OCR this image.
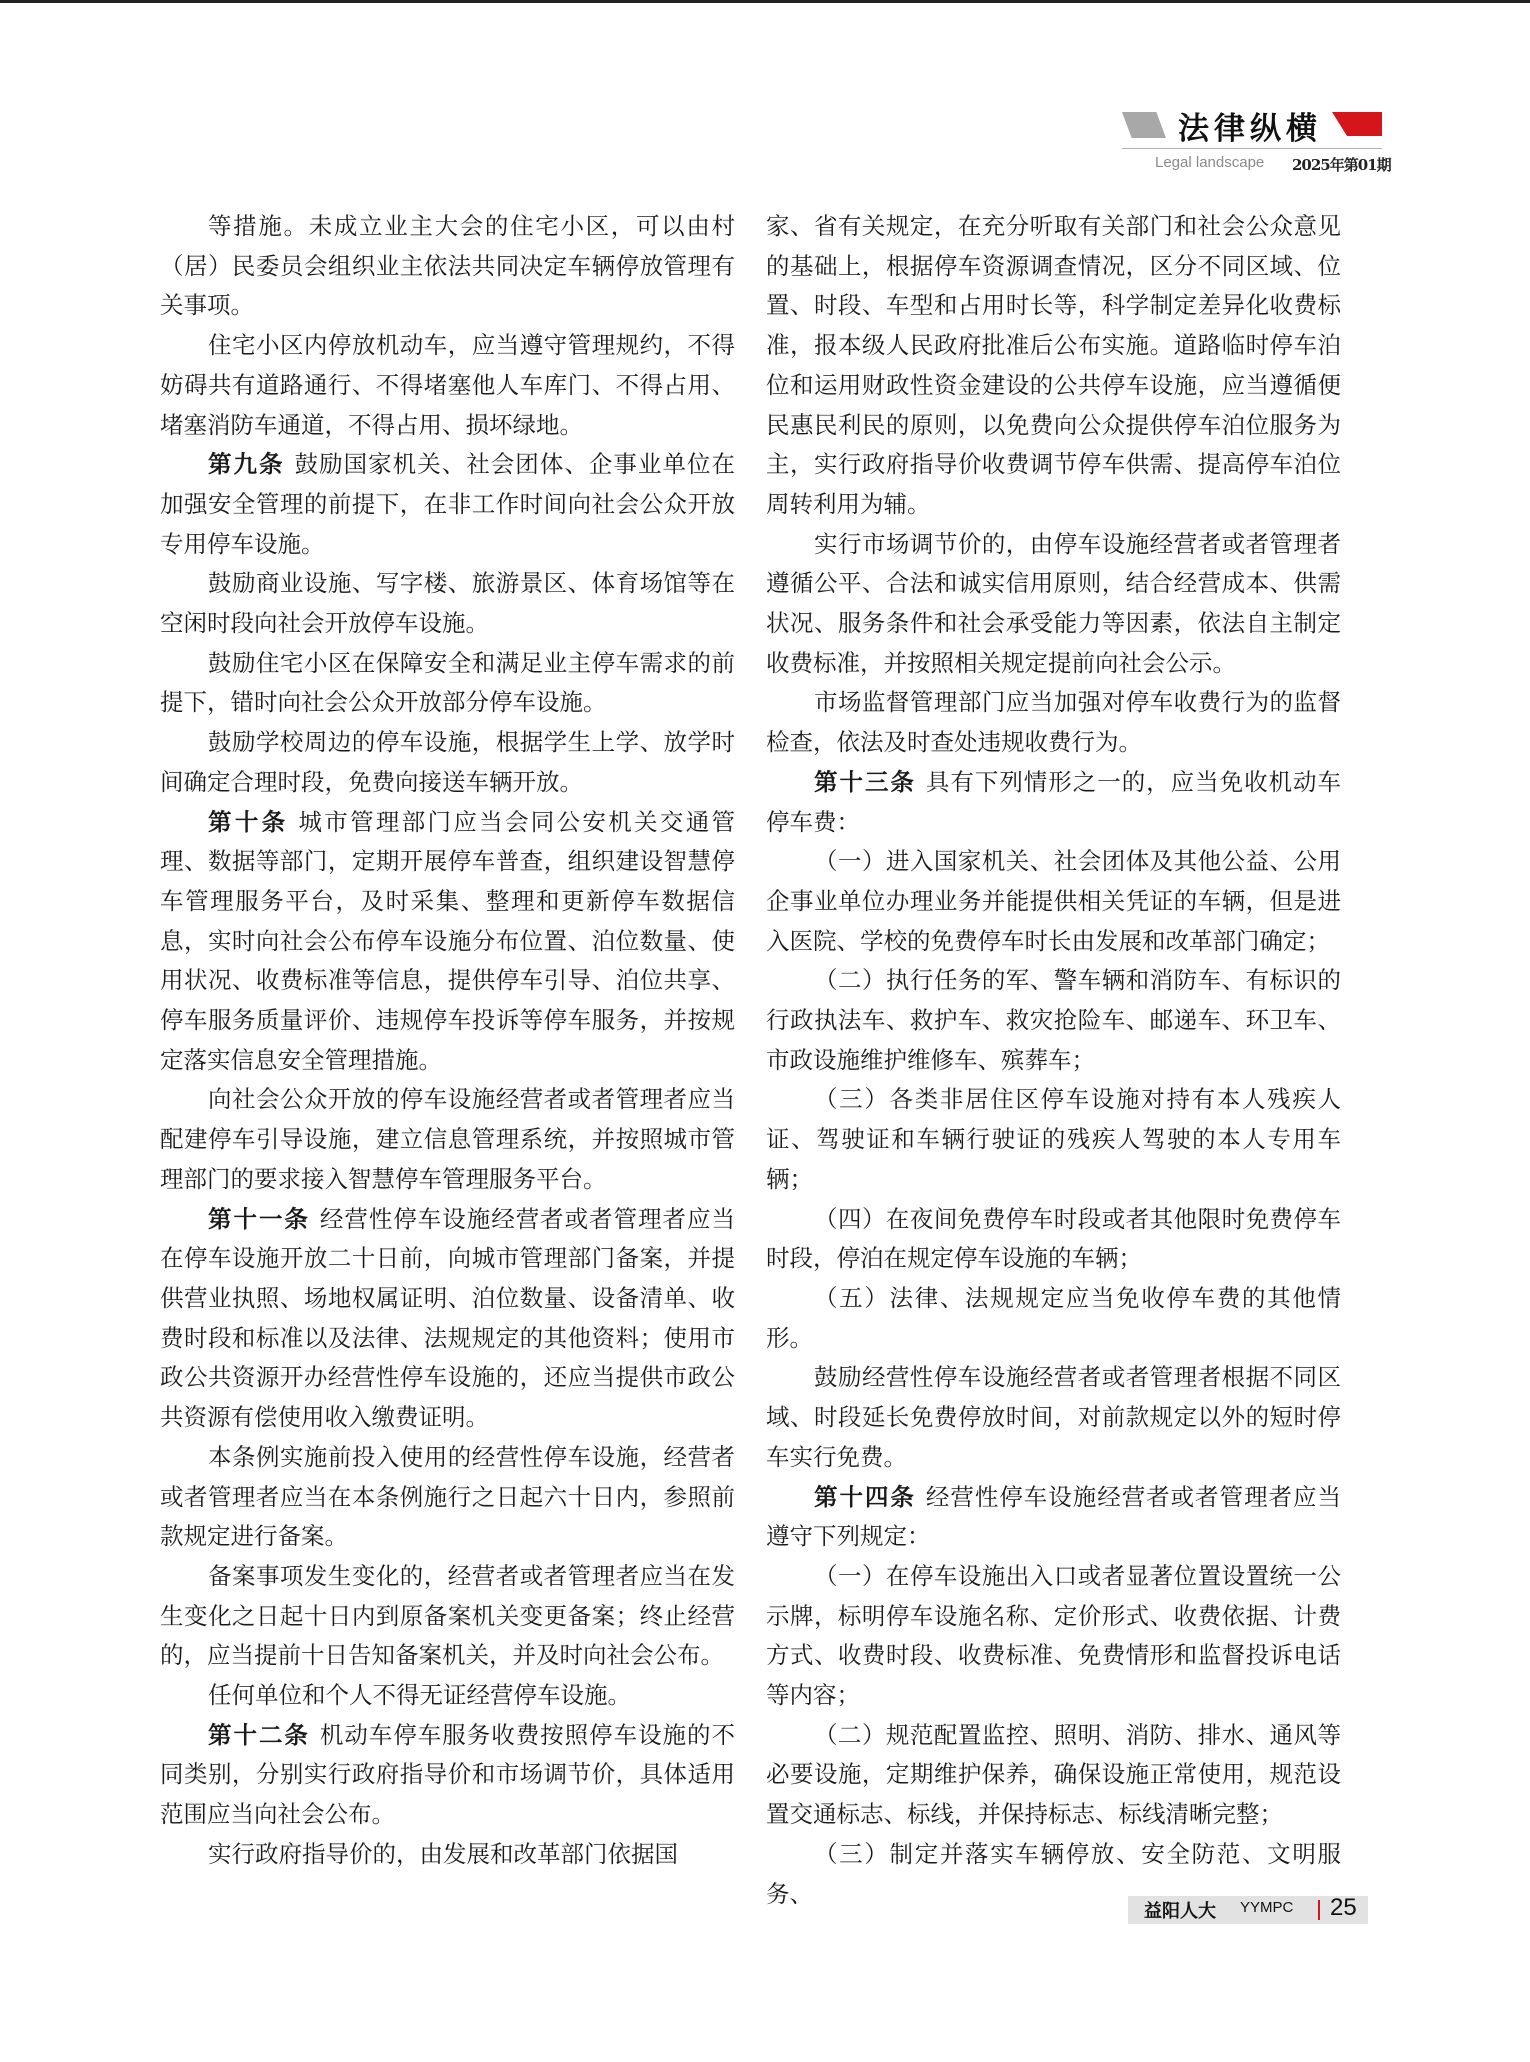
法律纵横
Legal landscape 2025年第01期

等措施。未成立业主大会的住宅小区，可以由村（居）民委员会组织业主依法共同决定车辆停放管理有关事项。

住宅小区内停放机动车，应当遵守管理规约，不得妨碍共有道路通行、不得堵塞他人车库门、不得占用、堵塞消防车通道，不得占用、损坏绿地。

第九条 鼓励国家机关、社会团体、企事业单位在加强安全管理的前提下，在非工作时间向社会公众开放专用停车设施。

鼓励商业设施、写字楼、旅游景区、体育场馆等在空闲时段向社会开放停车设施。

鼓励住宅小区在保障安全和满足业主停车需求的前提下，错时向社会公众开放部分停车设施。

鼓励学校周边的停车设施，根据学生上学、放学时间确定合理时段，免费向接送车辆开放。

第十条 城市管理部门应当会同公安机关交通管理、数据等部门，定期开展停车普查，组织建设智慧停车管理服务平台，及时采集、整理和更新停车数据信息，实时向社会公布停车设施分布位置、泊位数量、使用状况、收费标准等信息，提供停车引导、泊位共享、停车服务质量评价、违规停车投诉等停车服务，并按规定落实信息安全管理措施。

向社会公众开放的停车设施经营者或者管理者应当配建停车引导设施，建立信息管理系统，并按照城市管理部门的要求接入智慧停车管理服务平台。

第十一条 经营性停车设施经营者或者管理者应当在停车设施开放二十日前，向城市管理部门备案，并提供营业执照、场地权属证明、泊位数量、设备清单、收费时段和标准以及法律、法规规定的其他资料；使用市政公共资源开办经营性停车设施的，还应当提供市政公共资源有偿使用收入缴费证明。

本条例实施前投入使用的经营性停车设施，经营者或者管理者应当在本条例施行之日起六十日内，参照前款规定进行备案。

备案事项发生变化的，经营者或者管理者应当在发生变化之日起十日内到原备案机关变更备案；终止经营的，应当提前十日告知备案机关，并及时向社会公布。

任何单位和个人不得无证经营停车设施。

第十二条 机动车停车服务收费按照停车设施的不同类别，分别实行政府指导价和市场调节价，具体适用范围应当向社会公布。

实行政府指导价的，由发展和改革部门依据国

家、省有关规定，在充分听取有关部门和社会公众意见的基础上，根据停车资源调查情况，区分不同区域、位置、时段、车型和占用时长等，科学制定差异化收费标准，报本级人民政府批准后公布实施。道路临时停车泊位和运用财政性资金建设的公共停车设施，应当遵循便民惠民利民的原则，以免费向公众提供停车泊位服务为主，实行政府指导价收费调节停车供需、提高停车泊位周转利用为辅。

实行市场调节价的，由停车设施经营者或者管理者遵循公平、合法和诚实信用原则，结合经营成本、供需状况、服务条件和社会承受能力等因素，依法自主制定收费标准，并按照相关规定提前向社会公示。

市场监督管理部门应当加强对停车收费行为的监督检查，依法及时查处违规收费行为。

第十三条 具有下列情形之一的，应当免收机动车停车费：

（一）进入国家机关、社会团体及其他公益、公用企事业单位办理业务并能提供相关凭证的车辆，但是进入医院、学校的免费停车时长由发展和改革部门确定；

（二）执行任务的军、警车辆和消防车、有标识的行政执法车、救护车、救灾抢险车、邮递车、环卫车、市政设施维护维修车、殡葬车；

（三）各类非居住区停车设施对持有本人残疾人证、驾驶证和车辆行驶证的残疾人驾驶的本人专用车辆；

（四）在夜间免费停车时段或者其他限时免费停车时段，停泊在规定停车设施的车辆；

（五）法律、法规规定应当免收停车费的其他情形。

鼓励经营性停车设施经营者或者管理者根据不同区域、时段延长免费停放时间，对前款规定以外的短时停车实行免费。

第十四条 经营性停车设施经营者或者管理者应当遵守下列规定：

（一）在停车设施出入口或者显著位置设置统一公示牌，标明停车设施名称、定价形式、收费依据、计费方式、收费时段、收费标准、免费情形和监督投诉电话等内容；

（二）规范配置监控、照明、消防、排水、通风等必要设施，定期维护保养，确保设施正常使用，规范设置交通标志、标线，并保持标志、标线清晰完整；

（三）制定并落实车辆停放、安全防范、文明服务、

益阳人大 YYMPC 25
